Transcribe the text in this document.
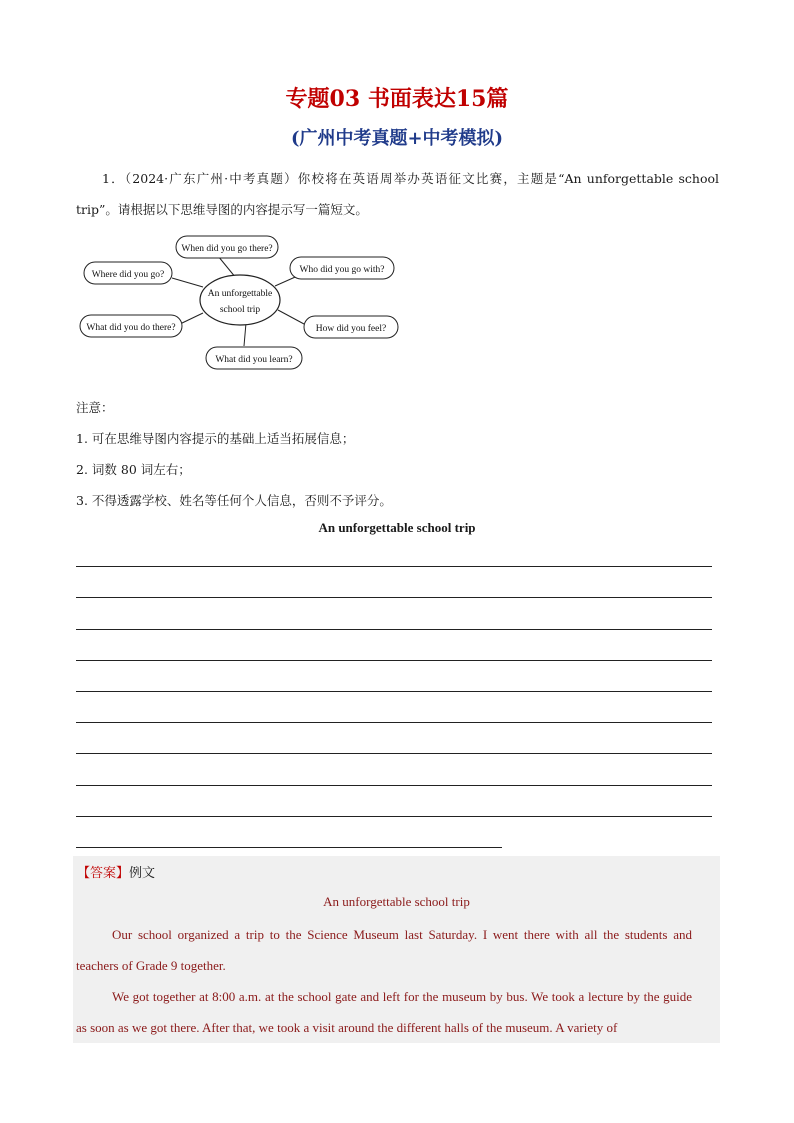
专题03 书面表达15篇
(广州中考真题+中考模拟)
1．（2024·广东广州·中考真题）你校将在英语周举办英语征文比赛，主题是“An unforgettable school trip”。请根据以下思维导图的内容提示写一篇短文。
An unforgettable
school trip
When did you go there?
Where did you go?	Who did you go with?
What did you do there?	How did you feel?
What did you learn?
注意：
1. 可在思维导图内容提示的基础上适当拓展信息；
2. 词数 80 词左右；
3. 不得透露学校、姓名等任何个人信息，否则不予评分。
An unforgettable school trip
【答案】例文
An unforgettable school trip

Our school organized a trip to the Science Museum last Saturday. I went there with all the students and teachers of Grade 9 together.

We got together at 8:00 a.m. at the school gate and left for the museum by bus. We took a lecture by the guide as soon as we got there. After that, we took a visit around the different halls of the museum. A variety of
